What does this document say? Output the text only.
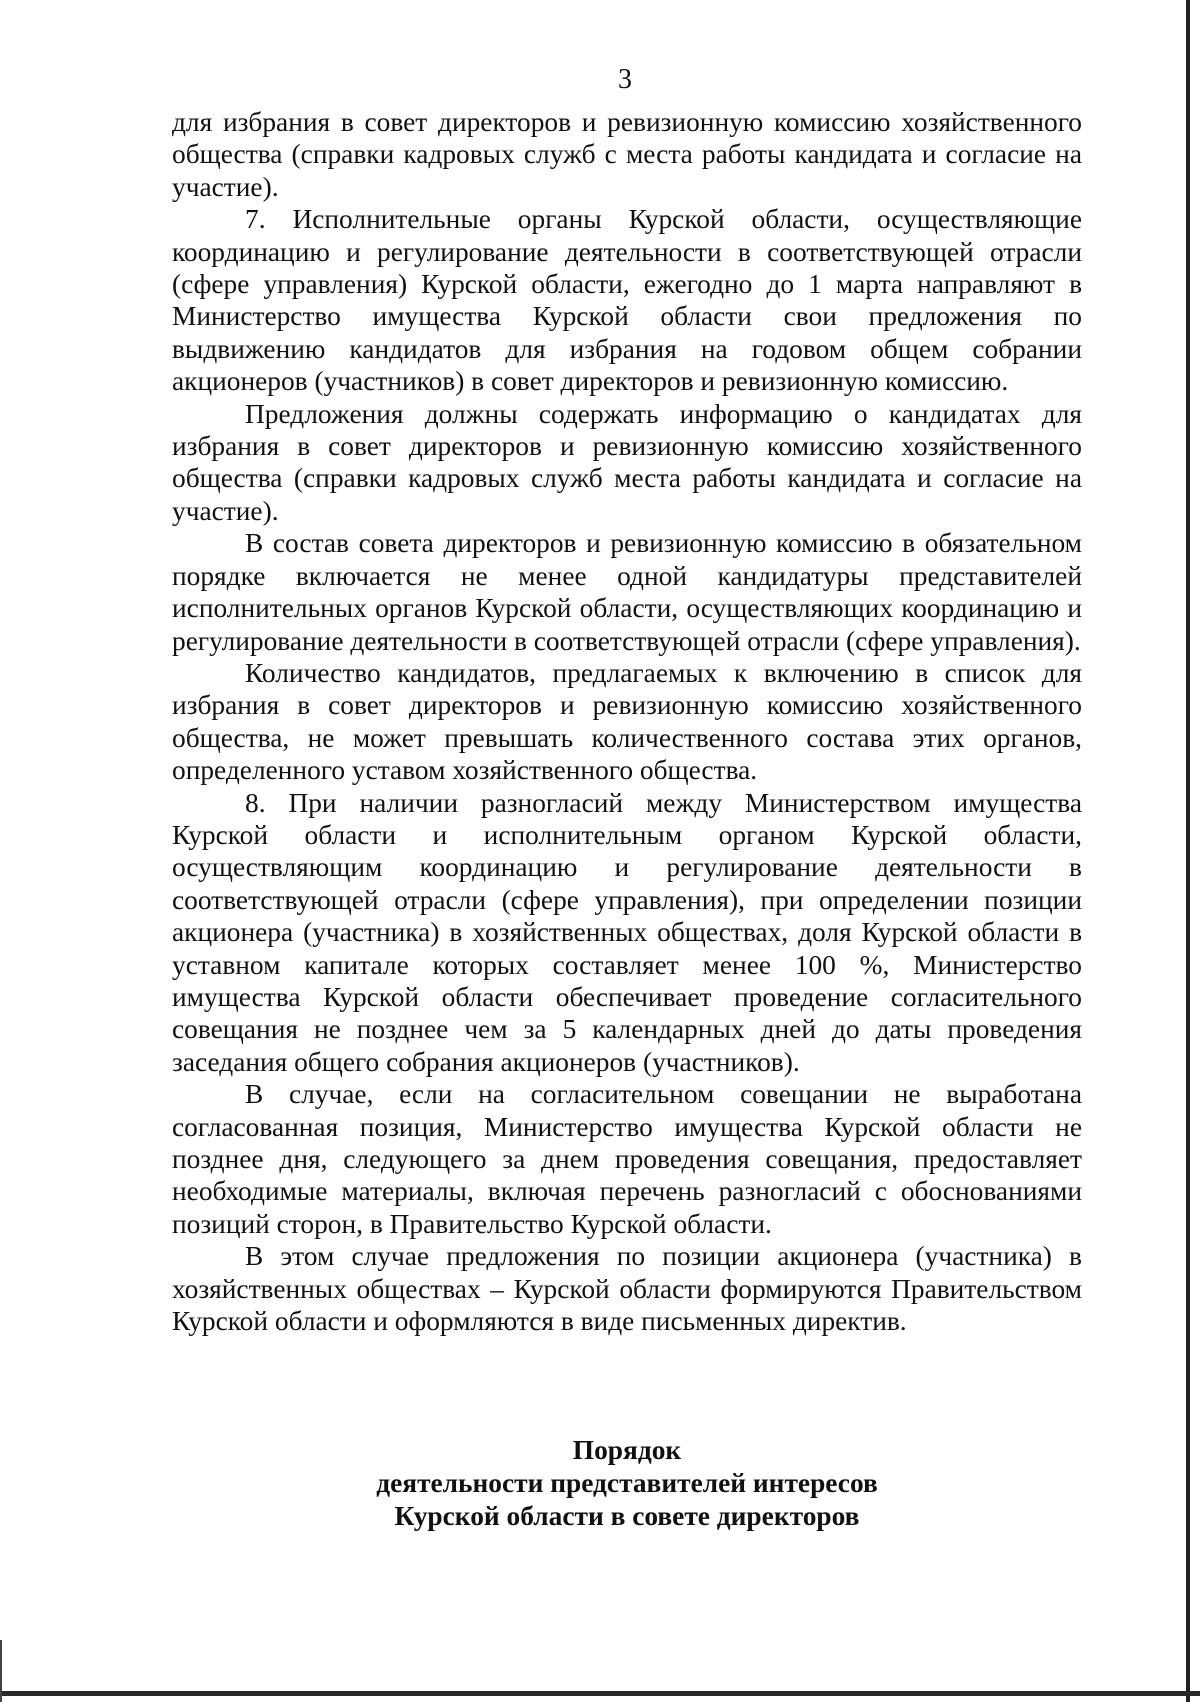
3

для избрания в совет директоров и ревизионную комиссию хозяйственного общества (справки кадровых служб с места работы кандидата и согласие на участие).

7. Исполнительные органы Курской области, осуществляющие координацию и регулирование деятельности в соответствующей отрасли (сфере управления) Курской области, ежегодно до 1 марта направляют в Министерство имущества Курской области свои предложения по выдвижению кандидатов для избрания на годовом общем собрании акционеров (участников) в совет директоров и ревизионную комиссию.

Предложения должны содержать информацию о кандидатах для избрания в совет директоров и ревизионную комиссию хозяйственного общества (справки кадровых служб места работы кандидата и согласие на участие).

В состав совета директоров и ревизионную комиссию в обязательном порядке включается не менее одной кандидатуры представителей исполнительных органов Курской области, осуществляющих координацию и регулирование деятельности в соответствующей отрасли (сфере управления).

Количество кандидатов, предлагаемых к включению в список для избрания в совет директоров и ревизионную комиссию хозяйственного общества, не может превышать количественного состава этих органов, определенного уставом хозяйственного общества.

8. При наличии разногласий между Министерством имущества Курской области и исполнительным органом Курской области, осуществляющим координацию и регулирование деятельности в соответствующей отрасли (сфере управления), при определении позиции акционера (участника) в хозяйственных обществах, доля Курской области в уставном капитале которых составляет менее 100 %, Министерство имущества Курской области обеспечивает проведение согласительного совещания не позднее чем за 5 календарных дней до даты проведения заседания общего собрания акционеров (участников).

В случае, если на согласительном совещании не выработана согласованная позиция, Министерство имущества Курской области не позднее дня, следующего за днем проведения совещания, предоставляет необходимые материалы, включая перечень разногласий с обоснованиями позиций сторон, в Правительство Курской области.

В этом случае предложения по позиции акционера (участника) в хозяйственных обществах – Курской области формируются Правительством Курской области и оформляются в виде письменных директив.

Порядок
деятельности представителей интересов
Курской области в совете директоров
